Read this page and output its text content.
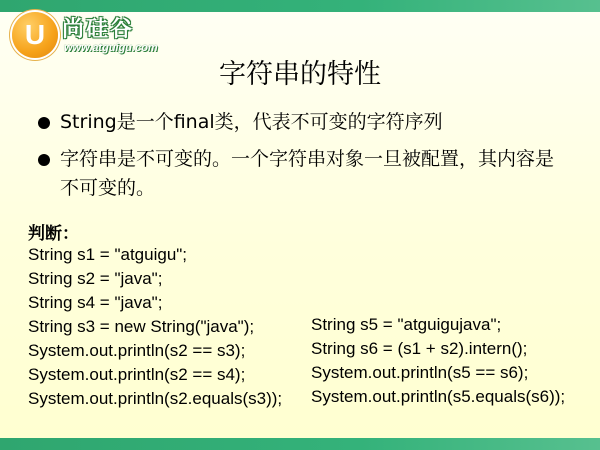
U 尚硅谷
www.atguigu.com
字符串的特性
String是一个final类，代表不可变的字符序列
字符串是不可变的。一个字符串对象一旦被配置，其内容是不可变的。
判断：
String s1 = "atguigu";
String s2 = "java";
String s4 = "java";
String s3 = new String("java");
System.out.println(s2 == s3);
System.out.println(s2 == s4);
System.out.println(s2.equals(s3));
String s5 = "atguigujava";
String s6 = (s1 + s2).intern();
System.out.println(s5 == s6);
System.out.println(s5.equals(s6));
